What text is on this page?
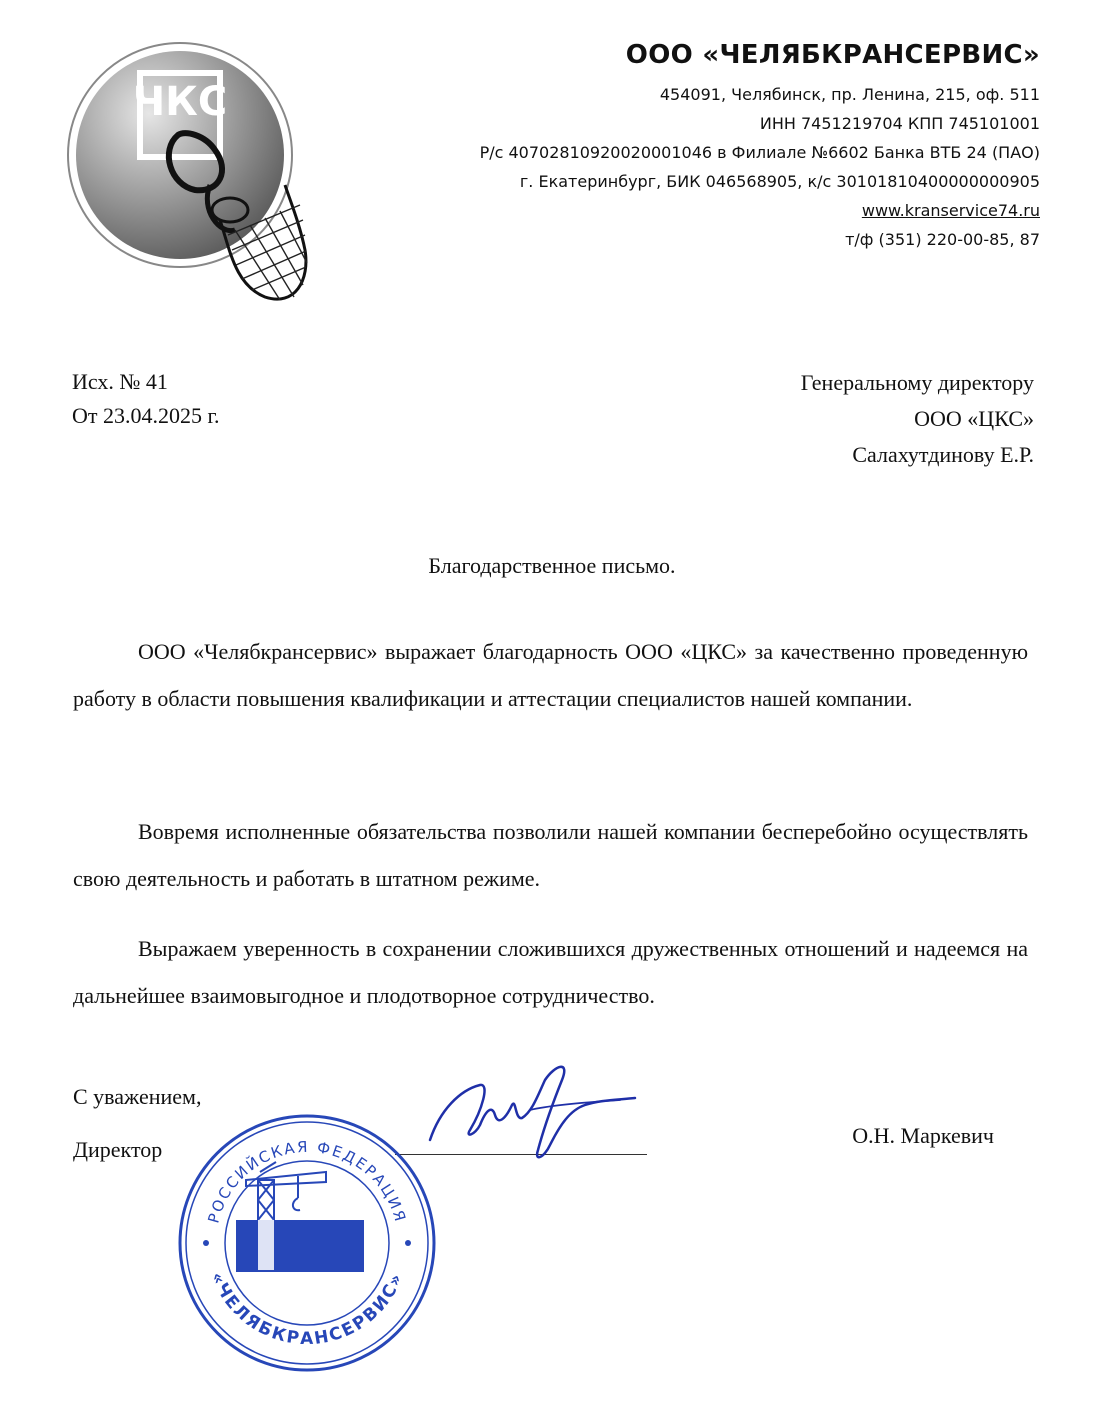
ЧКС
ООО «ЧЕЛЯБКРАНСЕРВИС»
454091, Челябинск, пр. Ленина, 215, оф. 511
ИНН 7451219704 КПП 745101001
Р/с 40702810920020001046 в Филиале №6602 Банка ВТБ 24 (ПАО)
г. Екатеринбург, БИК 046568905, к/с 30101810400000000905
www.kranservice74.ru
т/ф (351) 220-00-85, 87
Исх. № 41
От 23.04.2025 г.
Генеральному директору
ООО «ЦКС»
Салахутдинову Е.Р.
Благодарственное письмо.

ООО «Челябкрансервис» выражает благодарность ООО «ЦКС» за качественно проведенную работу в области повышения квалификации и аттестации специалистов нашей компании.

Вовремя исполненные обязательства позволили нашей компании бесперебойно осуществлять свою деятельность и работать в штатном режиме.

Выражаем уверенность в сохранении сложившихся дружественных отношений и надеемся на дальнейшее взаимовыгодное и плодотворное сотрудничество.

С уважением,
Директор
О.Н. Маркевич
РОССИЙСКАЯ ФЕДЕРАЦИЯ
«ЧЕЛЯБКРАНСЕРВИС»
